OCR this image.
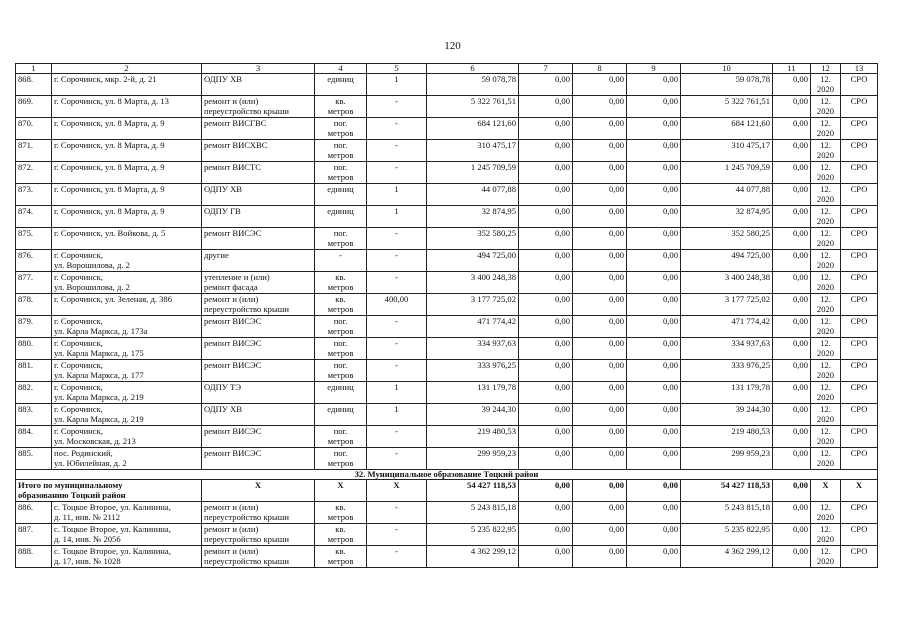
120
1	2	3	4	5	6	7	8	9	10	11	12	13
868.	г. Сорочинск, мкр. 2-й, д. 21	ОДПУ ХВ	единиц	1	59 078,78	0,00	0,00	0,00	59 078,78	0,00	12.
2020	СРО
869.	г. Сорочинск, ул. 8 Марта, д. 13	ремонт и (или)
переустройство крыши	кв.
метров	-	5 322 761,51	0,00	0,00	0,00	5 322 761,51	0,00	12.
2020	СРО
870.	г. Сорочинск, ул. 8 Марта, д. 9	ремонт ВИСГВС	пог.
метров	-	684 121,60	0,00	0,00	0,00	684 121,60	0,00	12.
2020	СРО
871.	г. Сорочинск, ул. 8 Марта, д. 9	ремонт ВИСХВС	пог.
метров	-	310 475,17	0,00	0,00	0,00	310 475,17	0,00	12.
2020	СРО
872.	г. Сорочинск, ул. 8 Марта, д. 9	ремонт ВИСТС	пог.
метров	-	1 245 709,59	0,00	0,00	0,00	1 245 709,59	0,00	12.
2020	СРО
873.	г. Сорочинск, ул. 8 Марта, д. 9	ОДПУ ХВ	единиц	1	44 077,88	0,00	0,00	0,00	44 077,88	0,00	12.
2020	СРО
874.	г. Сорочинск, ул. 8 Марта, д. 9	ОДПУ ГВ	единиц	1	32 874,95	0,00	0,00	0,00	32 874,95	0,00	12.
2020	СРО
875.	г. Сорочинск, ул. Войкова, д. 5	ремонт ВИСЭС	пог.
метров	-	352 580,25	0,00	0,00	0,00	352 580,25	0,00	12.
2020	СРО
876.	г. Сорочинск,
ул. Ворошилова, д. 2	другие	-	-	494 725,00	0,00	0,00	0,00	494 725,00	0,00	12.
2020	СРО
877.	г. Сорочинск,
ул. Ворошилова, д. 2	утепление и (или)
ремонт фасада	кв.
метров	-	3 400 248,38	0,00	0,00	0,00	3 400 248,38	0,00	12.
2020	СРО
878.	г. Сорочинск, ул. Зеленая, д. 386	ремонт и (или)
переустройство крыши	кв.
метров	400,00	3 177 725,02	0,00	0,00	0,00	3 177 725,02	0,00	12.
2020	СРО
879.	г. Сорочинск,
ул. Карла Маркса, д. 173а	ремонт ВИСЭС	пог.
метров	-	471 774,42	0,00	0,00	0,00	471 774,42	0,00	12.
2020	СРО
880.	г. Сорочинск,
ул. Карла Маркса, д. 175	ремонт ВИСЭС	пог.
метров	-	334 937,63	0,00	0,00	0,00	334 937,63	0,00	12.
2020	СРО
881.	г. Сорочинск,
ул. Карла Маркса, д. 177	ремонт ВИСЭС	пог.
метров	-	333 976,25	0,00	0,00	0,00	333 976,25	0,00	12.
2020	СРО
882.	г. Сорочинск,
ул. Карла Маркса, д. 219	ОДПУ ТЭ	единиц	1	131 179,78	0,00	0,00	0,00	131 179,78	0,00	12.
2020	СРО
883.	г. Сорочинск,
ул. Карла Маркса, д. 219	ОДПУ ХВ	единиц	1	39 244,30	0,00	0,00	0,00	39 244,30	0,00	12.
2020	СРО
884.	г. Сорочинск,
ул. Московская, д. 213	ремонт ВИСЭС	пог.
метров	-	219 480,53	0,00	0,00	0,00	219 480,53	0,00	12.
2020	СРО
885.	пос. Родинский,
ул. Юбилейная, д. 2	ремонт ВИСЭС	пог.
метров	-	299 959,23	0,00	0,00	0,00	299 959,23	0,00	12.
2020	СРО
32. Муниципальное образование Тоцкий район												
Итого по муниципальному
образованию Тоцкий район		Х	Х	Х	54 427 118,53	0,00	0,00	0,00	54 427 118,53	0,00	Х	Х
886.	с. Тоцкое Второе, ул. Калинина,
д. 11, инв. № 2112	ремонт и (или)
переустройство крыши	кв.
метров	-	5 243 815,18	0,00	0,00	0,00	5 243 815,18	0,00	12.
2020	СРО
887.	с. Тоцкое Второе, ул. Калинина,
д. 14, инв. № 2056	ремонт и (или)
переустройство крыши	кв.
метров	-	5 235 822,95	0,00	0,00	0,00	5 235 822,95	0,00	12.
2020	СРО
888.	с. Тоцкое Второе, ул. Калинина,
д. 17, инв. № 1028	ремонт и (или)
переустройство крыши	кв.
метров	-	4 362 299,12	0,00	0,00	0,00	4 362 299,12	0,00	12.
2020	СРО
